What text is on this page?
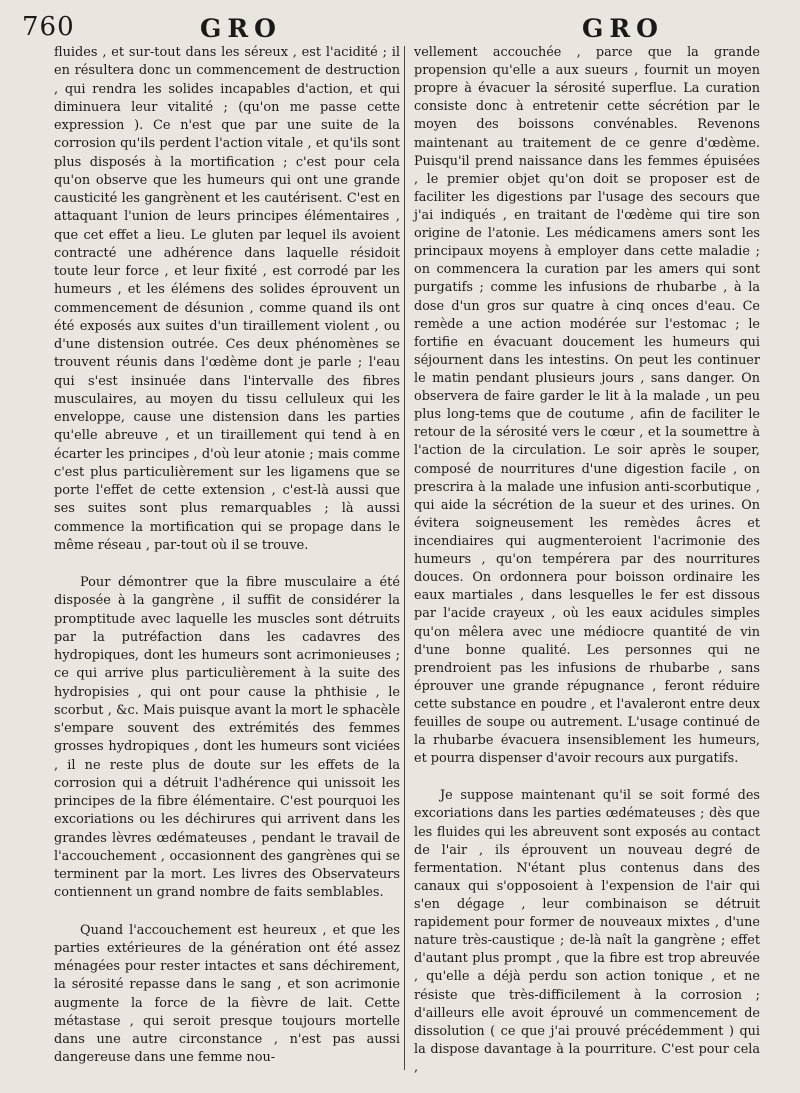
760	GRO	GRO

fluides , et sur-tout dans les séreux , est l'acidité ; il en résultera donc un commencement de destruction , qui rendra les solides incapables d'action, et qui diminuera leur vitalité ; (qu'on me passe cette expression ). Ce n'est que par une suite de la corrosion qu'ils perdent l'action vitale , et qu'ils sont plus disposés à la mortification ; c'est pour cela qu'on observe que les humeurs qui ont une grande causticité les gangrènent et les cautérisent. C'est en attaquant l'union de leurs principes élémentaires , que cet effet a lieu. Le gluten par lequel ils avoient contracté une adhérence dans laquelle résidoit toute leur force , et leur fixité , est corrodé par les humeurs , et les élémens des solides éprouvent un commencement de désunion , comme quand ils ont été exposés aux suites d'un tiraillement violent , ou d'une distension outrée. Ces deux phénomènes se trouvent réunis dans l'œdème dont je parle ; l'eau qui s'est insinuée dans l'intervalle des fibres musculaires, au moyen du tissu celluleux qui les enveloppe, cause une distension dans les parties qu'elle abreuve , et un tiraillement qui tend à en écarter les principes , d'où leur atonie ; mais comme c'est plus particulièrement sur les ligamens que se porte l'effet de cette extension , c'est-là aussi que ses suites sont plus remarquables ; là aussi commence la mortification qui se propage dans le même réseau , par-tout où il se trouve.

Pour démontrer que la fibre musculaire a été disposée à la gangrène , il suffit de considérer la promptitude avec laquelle les muscles sont détruits par la putréfaction dans les cadavres des hydropiques, dont les humeurs sont acrimonieuses ; ce qui arrive plus particulièrement à la suite des hydropisies , qui ont pour cause la phthisie , le scorbut , &c. Mais puisque avant la mort le sphacèle s'empare souvent des extrémités des femmes grosses hydropiques , dont les humeurs sont viciées , il ne reste plus de doute sur les effets de la corrosion qui a détruit l'adhérence qui unissoit les principes de la fibre élémentaire. C'est pourquoi les excoriations ou les déchirures qui arrivent dans les grandes lèvres œdémateuses , pendant le travail de l'accouchement , occasionnent des gangrènes qui se terminent par la mort. Les livres des Observateurs contiennent un grand nombre de faits semblables.

Quand l'accouchement est heureux , et que les parties extérieures de la génération ont été assez ménagées pour rester intactes et sans déchirement, la sérosité repasse dans le sang , et son acrimonie augmente la force de la fièvre de lait. Cette métastase , qui seroit presque toujours mortelle dans une autre circonstance , n'est pas aussi dangereuse dans une femme nou-

vellement accouchée , parce que la grande propension qu'elle a aux sueurs , fournit un moyen propre à évacuer la sérosité superflue. La curation consiste donc à entretenir cette sécrétion par le moyen des boissons convénables. Revenons maintenant au traitement de ce genre d'œdème. Puisqu'il prend naissance dans les femmes épuisées , le premier objet qu'on doit se proposer est de faciliter les digestions par l'usage des secours que j'ai indiqués , en traitant de l'œdème qui tire son origine de l'atonie. Les médicamens amers sont les principaux moyens à employer dans cette maladie ; on commencera la curation par les amers qui sont purgatifs ; comme les infusions de rhubarbe , à la dose d'un gros sur quatre à cinq onces d'eau. Ce remède a une action modérée sur l'estomac ; le fortifie en évacuant doucement les humeurs qui séjournent dans les intestins. On peut les continuer le matin pendant plusieurs jours , sans danger. On observera de faire garder le lit à la malade , un peu plus long-tems que de coutume , afin de faciliter le retour de la sérosité vers le cœur , et la soumettre à l'action de la circulation. Le soir après le souper, composé de nourritures d'une digestion facile , on prescrira à la malade une infusion anti-scorbutique , qui aide la sécrétion de la sueur et des urines. On évitera soigneusement les remèdes âcres et incendiaires qui augmenteroient l'acrimonie des humeurs , qu'on tempérera par des nourritures douces. On ordonnera pour boisson ordinaire les eaux martiales , dans lesquelles le fer est dissous par l'acide crayeux , où les eaux acidules simples qu'on mêlera avec une médiocre quantité de vin d'une bonne qualité. Les personnes qui ne prendroient pas les infusions de rhubarbe , sans éprouver une grande répugnance , feront réduire cette substance en poudre , et l'avaleront entre deux feuilles de soupe ou autrement. L'usage continué de la rhubarbe évacuera insensiblement les humeurs, et pourra dispenser d'avoir recours aux purgatifs.

Je suppose maintenant qu'il se soit formé des excoriations dans les parties œdémateuses ; dès que les fluides qui les abreuvent sont exposés au contact de l'air , ils éprouvent un nouveau degré de fermentation. N'étant plus contenus dans des canaux qui s'opposoient à l'expension de l'air qui s'en dégage , leur combinaison se détruit rapidement pour former de nouveaux mixtes , d'une nature très-caustique ; de-là naît la gangrène ; effet d'autant plus prompt , que la fibre est trop abreuvée , qu'elle a déjà perdu son action tonique , et ne résiste que très-difficilement à la corrosion ; d'ailleurs elle avoit éprouvé un commencement de dissolution ( ce que j'ai prouvé précédemment ) qui la dispose davantage à la pourriture. C'est pour cela ,
